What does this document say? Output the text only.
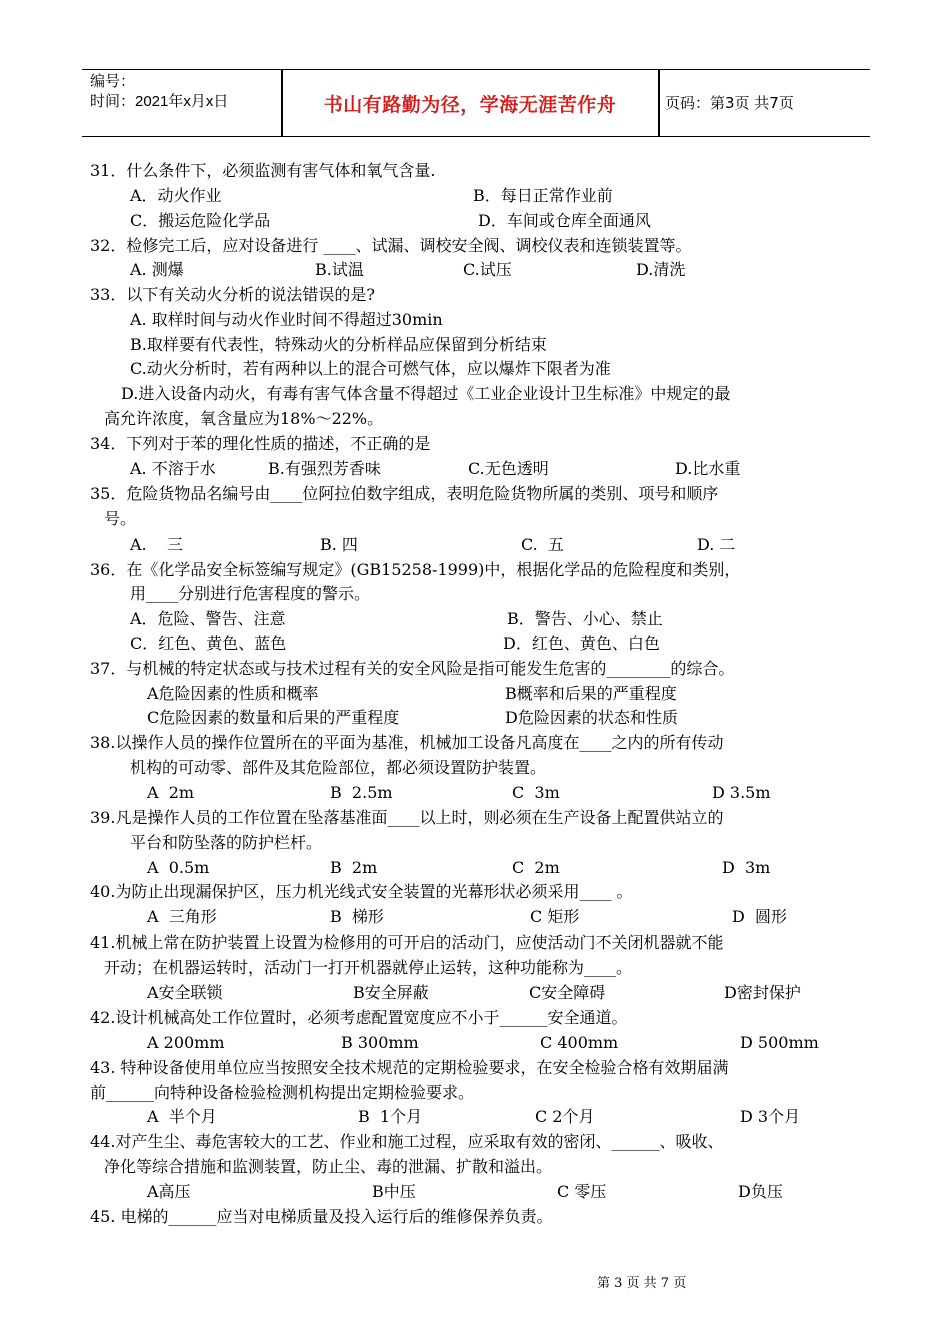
编号：
时间：2021年x月x日	书山有路勤为径，学海无涯苦作舟	页码：第3页 共7页
31．什么条件下，必须监测有害气体和氧气含量.
A．动火作业	B．每日正常作业前
C．搬运危险化学品	D．车间或仓库全面通风
32．检修完工后，应对设备进行 ____、试漏、调校安全阀、调校仪表和连锁装置等。
A. 测爆	B.试温	C.试压	D.清洗
33．以下有关动火分析的说法错误的是?
A. 取样时间与动火作业时间不得超过30min
B.取样要有代表性，特殊动火的分析样品应保留到分析结束
C.动火分析时，若有两种以上的混合可燃气体，应以爆炸下限者为准
D.进入设备内动火，有毒有害气体含量不得超过《工业企业设计卫生标准》中规定的最
高允许浓度，氧含量应为18%～22%。
34．下列对于苯的理化性质的描述，不正确的是
A. 不溶于水	B.有强烈芳香味	C.无色透明	D.比水重
35．危险货物品名编号由____位阿拉伯数字组成，表明危险货物所属的类别、项号和顺序
号。
A.    三	B. 四	C.  五	D. 二
36．在《化学品安全标签编写规定》(GB15258-1999)中，根据化学品的危险程度和类别，
用____分别进行危害程度的警示。
A．危险、警告、注意	B．警告、小心、禁止
C．红色、黄色、蓝色	D．红色、黄色、白色
37．与机械的特定状态或与技术过程有关的安全风险是指可能发生危害的________的综合。
A危险因素的性质和概率	B概率和后果的严重程度
C危险因素的数量和后果的严重程度	D危险因素的状态和性质
38.以操作人员的操作位置所在的平面为基准，机械加工设备凡高度在____之内的所有传动
机构的可动零、部件及其危险部位，都必须设置防护装置。
A  2m	B  2.5m	C  3m	D 3.5m
39.凡是操作人员的工作位置在坠落基准面____以上时，则必须在生产设备上配置供站立的
平台和防坠落的防护栏杆。
A  0.5m	B  2m	C  2m	D  3m
40.为防止出现漏保护区，压力机光线式安全装置的光幕形状必须采用____ 。
A  三角形	B  梯形	C 矩形	D  圆形
41.机械上常在防护装置上设置为检修用的可开启的活动门，应使活动门不关闭机器就不能
开动；在机器运转时，活动门一打开机器就停止运转，这种功能称为____。
A安全联锁	B安全屏蔽	C安全障碍	D密封保护
42.设计机械高处工作位置时，必须考虑配置宽度应不小于______安全通道。
A 200mm	B 300mm	C 400mm	D 500mm
43. 特种设备使用单位应当按照安全技术规范的定期检验要求，在安全检验合格有效期届满
前______向特种设备检验检测机构提出定期检验要求。
A  半个月	B  1个月	C 2个月	D 3个月
44.对产生尘、毒危害较大的工艺、作业和施工过程，应采取有效的密闭、______、吸收、
净化等综合措施和监测装置，防止尘、毒的泄漏、扩散和溢出。
A高压	B中压	C 零压	D负压
45. 电梯的______应当对电梯质量及投入运行后的维修保养负责。
第 3 页 共 7 页
